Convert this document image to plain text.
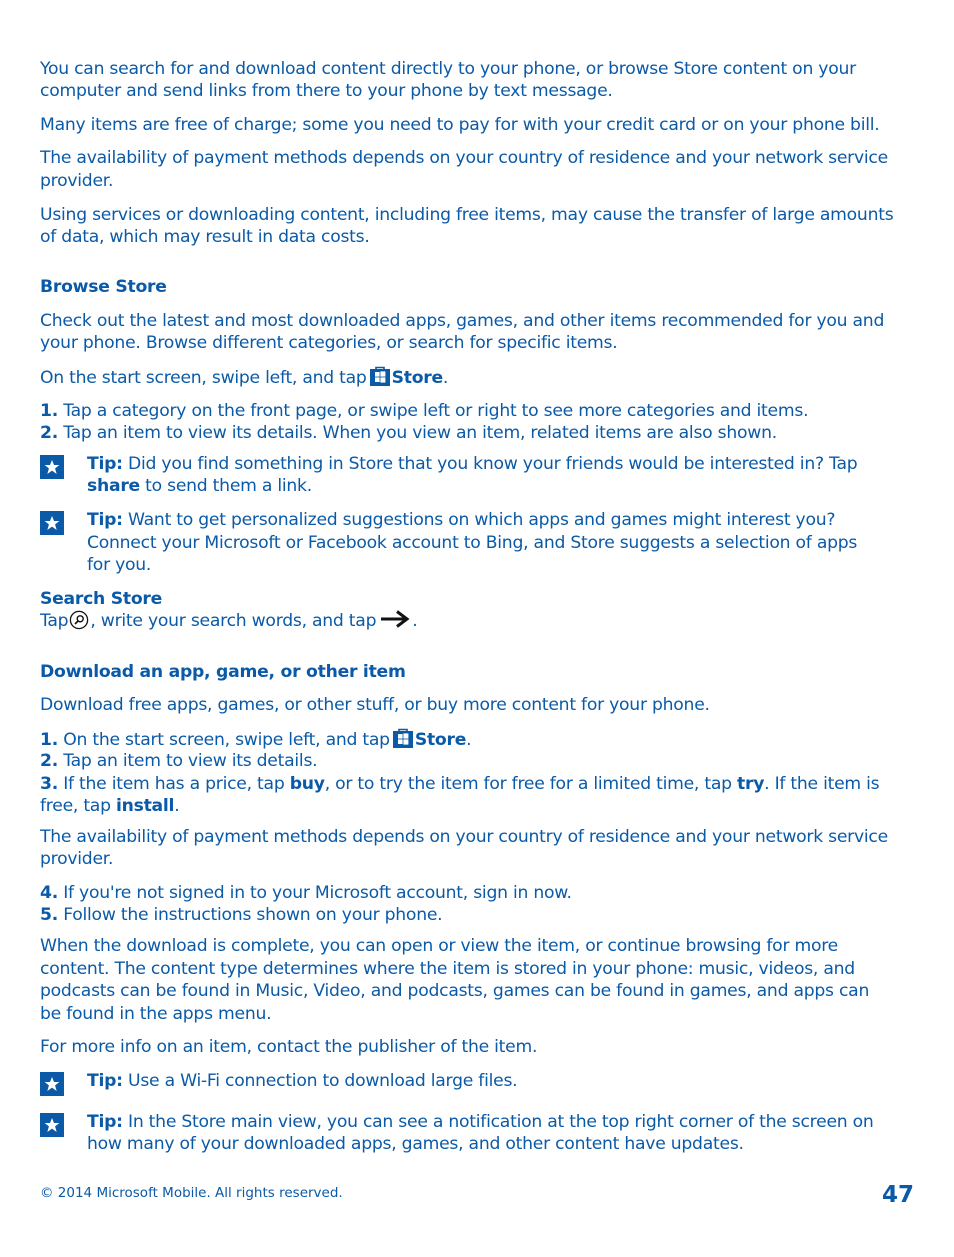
You can search for and download content directly to your phone, or browse Store content on your
computer and send links from there to your phone by text message.
Many items are free of charge; some you need to pay for with your credit card or on your phone bill.
The availability of payment methods depends on your country of residence and your network service
provider.
Using services or downloading content, including free items, may cause the transfer of large amounts
of data, which may result in data costs.
Browse Store
Check out the latest and most downloaded apps, games, and other items recommended for you and
your phone. Browse different categories, or search for specific items.
On the start screen, swipe left, and tap Store.
1. Tap a category on the front page, or swipe left or right to see more categories and items.
2. Tap an item to view its details. When you view an item, related items are also shown.
Tip: Did you find something in Store that you know your friends would be interested in? Tap
share to send them a link.
Tip: Want to get personalized suggestions on which apps and games might interest you?
Connect your Microsoft or Facebook account to Bing, and Store suggests a selection of apps
for you.
Search Store
Tap , write your search words, and tap .
Download an app, game, or other item
Download free apps, games, or other stuff, or buy more content for your phone.
1. On the start screen, swipe left, and tap Store.
2. Tap an item to view its details.
3. If the item has a price, tap buy, or to try the item for free for a limited time, tap try. If the item is
free, tap install.
The availability of payment methods depends on your country of residence and your network service
provider.
4. If you're not signed in to your Microsoft account, sign in now.
5. Follow the instructions shown on your phone.
When the download is complete, you can open or view the item, or continue browsing for more
content. The content type determines where the item is stored in your phone: music, videos, and
podcasts can be found in Music, Video, and podcasts, games can be found in games, and apps can
be found in the apps menu.
For more info on an item, contact the publisher of the item.
Tip: Use a Wi-Fi connection to download large files.
Tip: In the Store main view, you can see a notification at the top right corner of the screen on
how many of your downloaded apps, games, and other content have updates.
© 2014 Microsoft Mobile. All rights reserved.	47
